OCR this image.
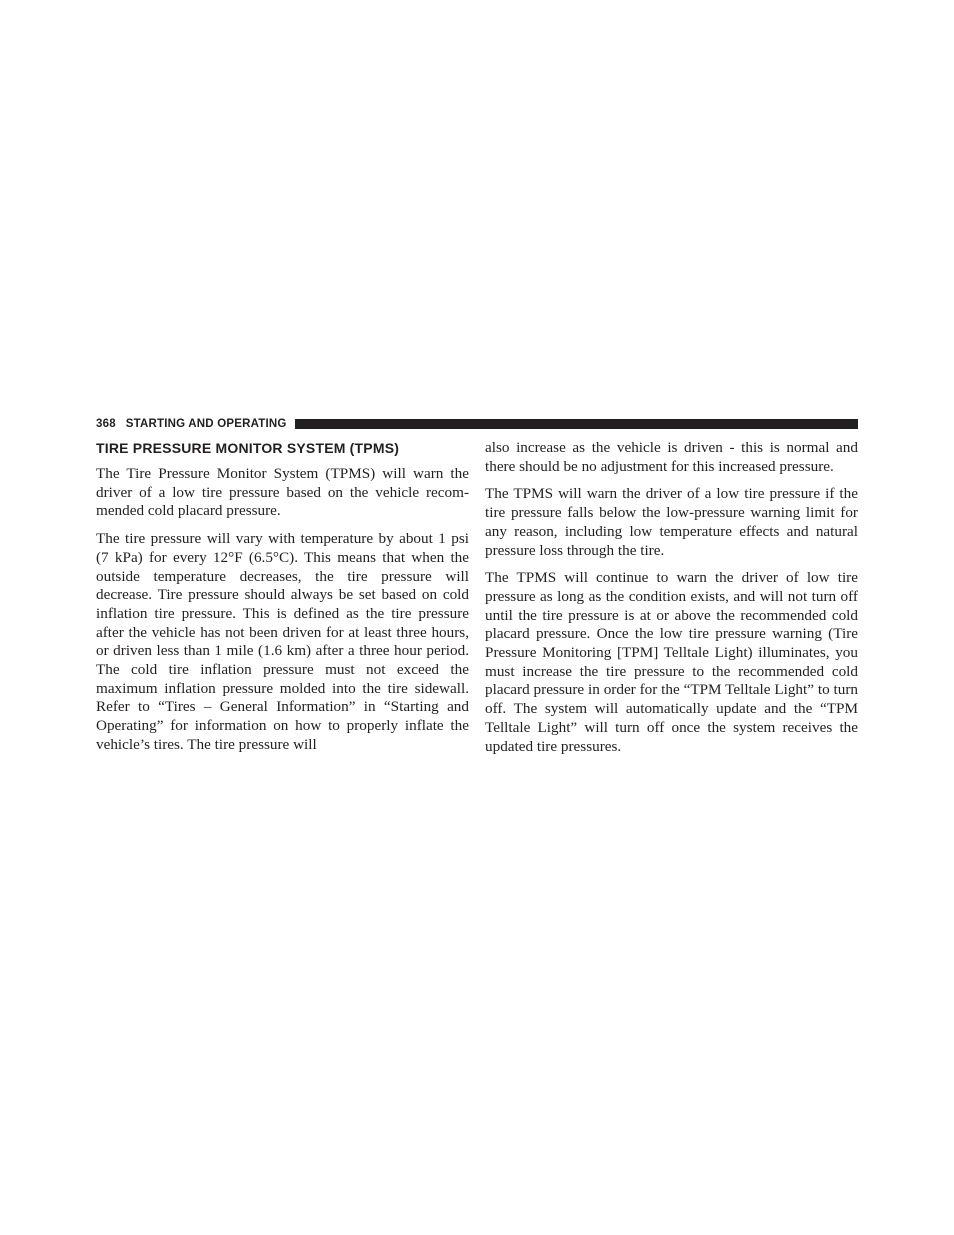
368 STARTING AND OPERATING
TIRE PRESSURE MONITOR SYSTEM (TPMS)

The Tire Pressure Monitor System (TPMS) will warn the driver of a low tire pressure based on the vehicle recommended cold placard pressure.

The tire pressure will vary with temperature by about 1 psi (7 kPa) for every 12°F (6.5°C). This means that when the outside temperature decreases, the tire pressure will decrease. Tire pressure should always be set based on cold inflation tire pressure. This is defined as the tire pressure after the vehicle has not been driven for at least three hours, or driven less than 1 mile (1.6 km) after a three hour period. The cold tire inflation pressure must not exceed the maximum inflation pressure molded into the tire sidewall. Refer to “Tires – General Information” in “Starting and Operating” for information on how to properly inflate the vehicle’s tires. The tire pressure will

also increase as the vehicle is driven - this is normal and there should be no adjustment for this increased pressure.

The TPMS will warn the driver of a low tire pressure if the tire pressure falls below the low-pressure warning limit for any reason, including low temperature effects and natural pressure loss through the tire.

The TPMS will continue to warn the driver of low tire pressure as long as the condition exists, and will not turn off until the tire pressure is at or above the recommended cold placard pressure. Once the low tire pressure warning (Tire Pressure Monitoring [TPM] Telltale Light) illuminates, you must increase the tire pressure to the recommended cold placard pressure in order for the “TPM Telltale Light” to turn off. The system will automatically update and the “TPM Telltale Light” will turn off once the system receives the updated tire pressures.
